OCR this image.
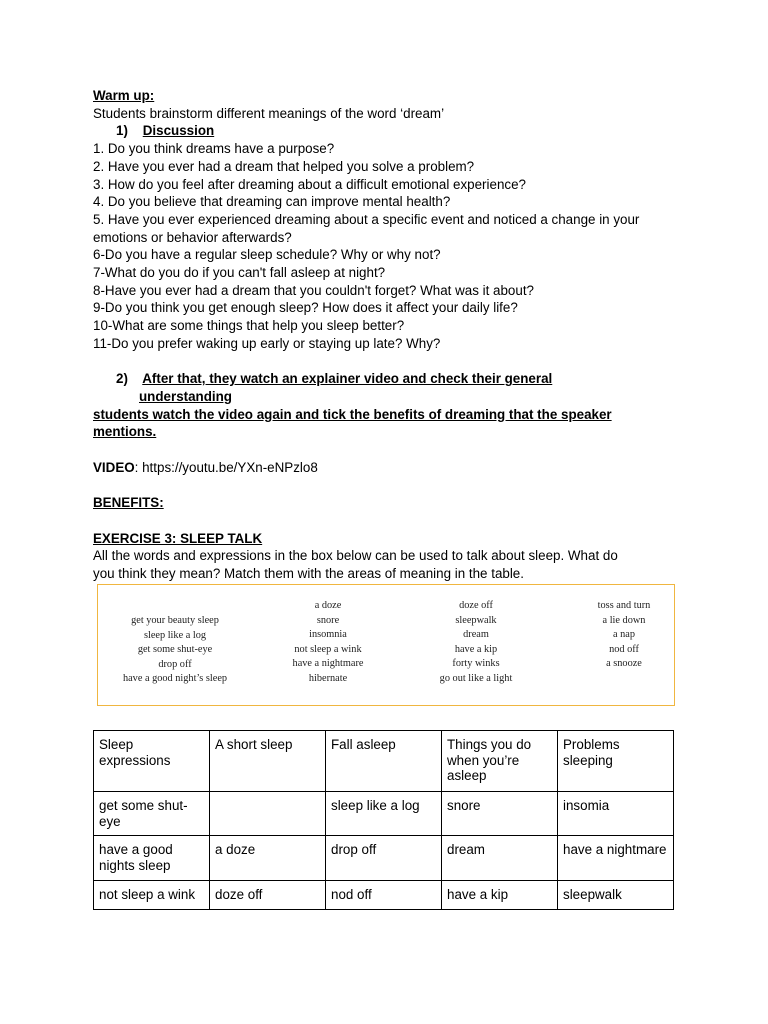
Warm up:
Students brainstorm different meanings of the word ‘dream’
1) Discussion
1. Do you think dreams have a purpose?
2. Have you ever had a dream that helped you solve a problem?
3. How do you feel after dreaming about a difficult emotional experience?
4. Do you believe that dreaming can improve mental health?
5. Have you ever experienced dreaming about a specific event and noticed a change in your
emotions or behavior afterwards?
6-Do you have a regular sleep schedule? Why or why not?
7-What do you do if you can't fall asleep at night?
8-Have you ever had a dream that you couldn't forget? What was it about?
9-Do you think you get enough sleep? How does it affect your daily life?
10-What are some things that help you sleep better?
11-Do you prefer waking up early or staying up late? Why?
2) After that, they watch an explainer video and check their general
understanding
students watch the video again and tick the benefits of dreaming that the speaker
mentions.
VIDEO: https://youtu.be/YXn-eNPzlo8
BENEFITS:
EXERCISE 3: SLEEP TALK
All the words and expressions in the box below can be used to talk about sleep. What do
you think they mean? Match them with the areas of meaning in the table.
get your beauty sleep
sleep like a log
get some shut-eye
drop off
have a good night’s sleep
a doze
snore
insomnia
not sleep a wink
have a nightmare
hibernate
doze off
sleepwalk
dream
have a kip
forty winks
go out like a light
toss and turn
a lie down
a nap
nod off
a snooze
Sleep expressions	A short sleep	Fall asleep	Things you do when you’re asleep	Problems sleeping
get some shut-eye		sleep like a log	snore	insomia
have a good nights sleep	a doze	drop off	dream	have a nightmare
not sleep a wink	doze off	nod off	have a kip	sleepwalk
